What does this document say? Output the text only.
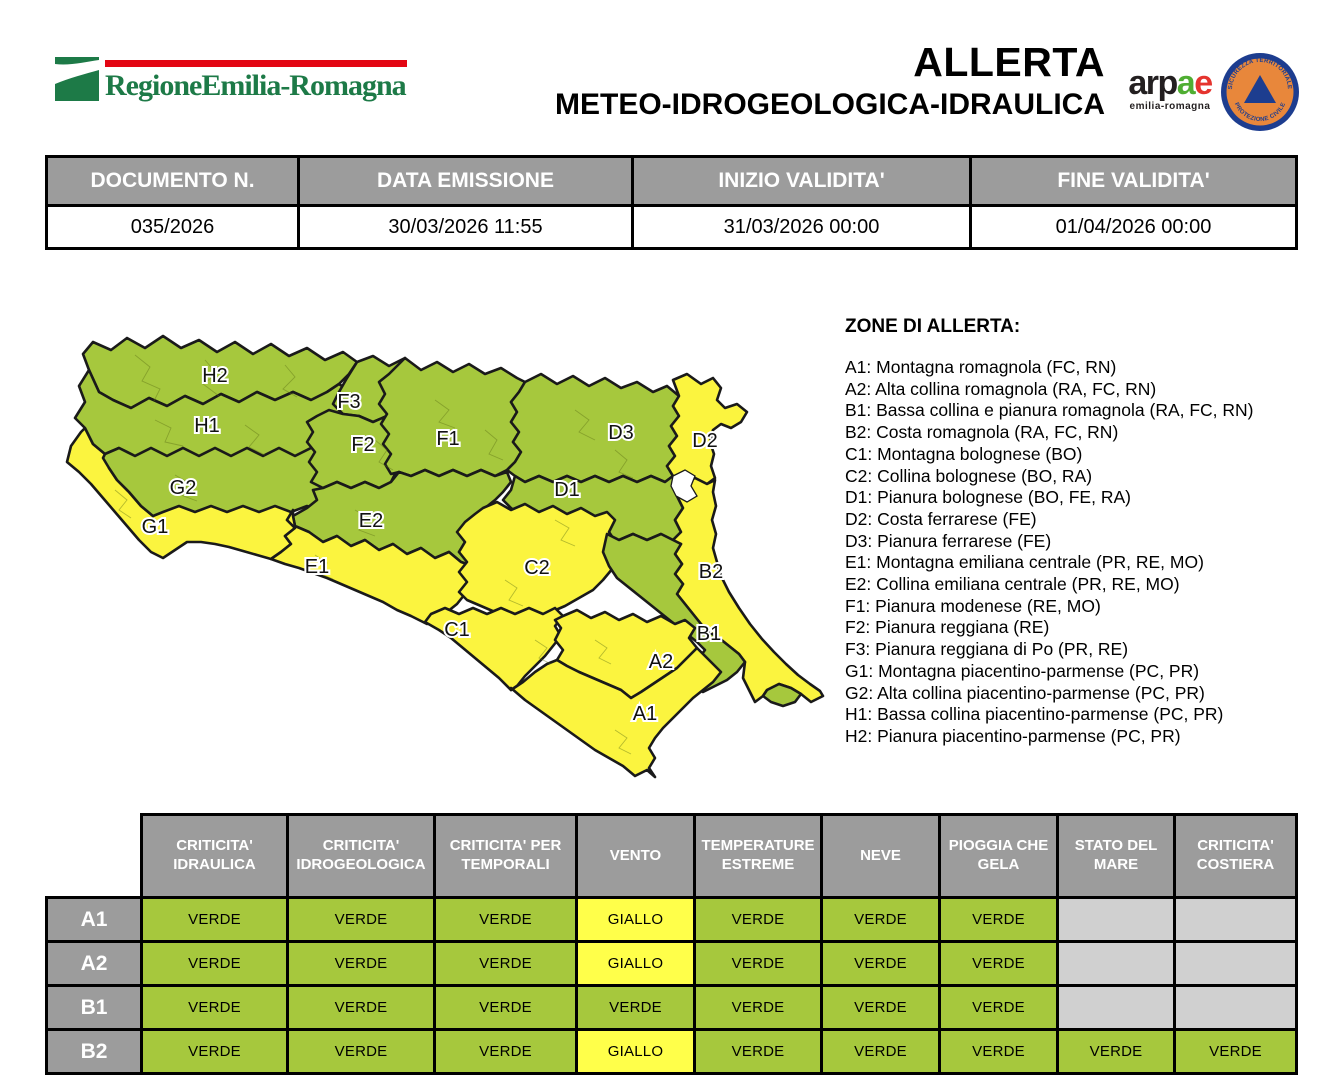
RegioneEmilia-Romagna
ALLERTA
METEO-IDROGEOLOGICA-IDRAULICA
arpae
emilia-romagna
SICUREZZA TERRITORIALE
PROTEZIONE CIVILE
DOCUMENTO N.	DATA EMISSIONE	INIZIO VALIDITA'	FINE VALIDITA'
035/2026	30/03/2026 11:55	31/03/2026 00:00	01/04/2026 00:00
H2
H1
G2
G1
F3
F2	F1
E2
E1
D3	D2
D1
C2
C1
B2
B1
A2
A1
ZONE DI ALLERTA:
A1: Montagna romagnola (FC, RN)
A2: Alta collina romagnola (RA, FC, RN)
B1: Bassa collina e pianura romagnola (RA, FC, RN)
B2: Costa romagnola (RA, FC, RN)
C1: Montagna bolognese (BO)
C2: Collina bolognese (BO, RA)
D1: Pianura bolognese (BO, FE, RA)
D2: Costa ferrarese (FE)
D3: Pianura ferrarese (FE)
E1: Montagna emiliana centrale (PR, RE, MO)
E2: Collina emiliana centrale (PR, RE, MO)
F1: Pianura modenese (RE, MO)
F2: Pianura reggiana (RE)
F3: Pianura reggiana di Po (PR, RE)
G1: Montagna piacentino-parmense (PC, PR)
G2: Alta collina piacentino-parmense (PC, PR)
H1: Bassa collina piacentino-parmense (PC, PR)
H2: Pianura piacentino-parmense (PC, PR)
	CRITICITA' IDRAULICA	CRITICITA' IDROGEOLOGICA	CRITICITA' PER TEMPORALI	VENTO	TEMPERATURE ESTREME	NEVE	PIOGGIA CHE GELA	STATO DEL MARE	CRITICITA' COSTIERA
A1	VERDE	VERDE	VERDE	GIALLO	VERDE	VERDE	VERDE		
A2	VERDE	VERDE	VERDE	GIALLO	VERDE	VERDE	VERDE		
B1	VERDE	VERDE	VERDE	VERDE	VERDE	VERDE	VERDE		
B2	VERDE	VERDE	VERDE	GIALLO	VERDE	VERDE	VERDE	VERDE	VERDE
